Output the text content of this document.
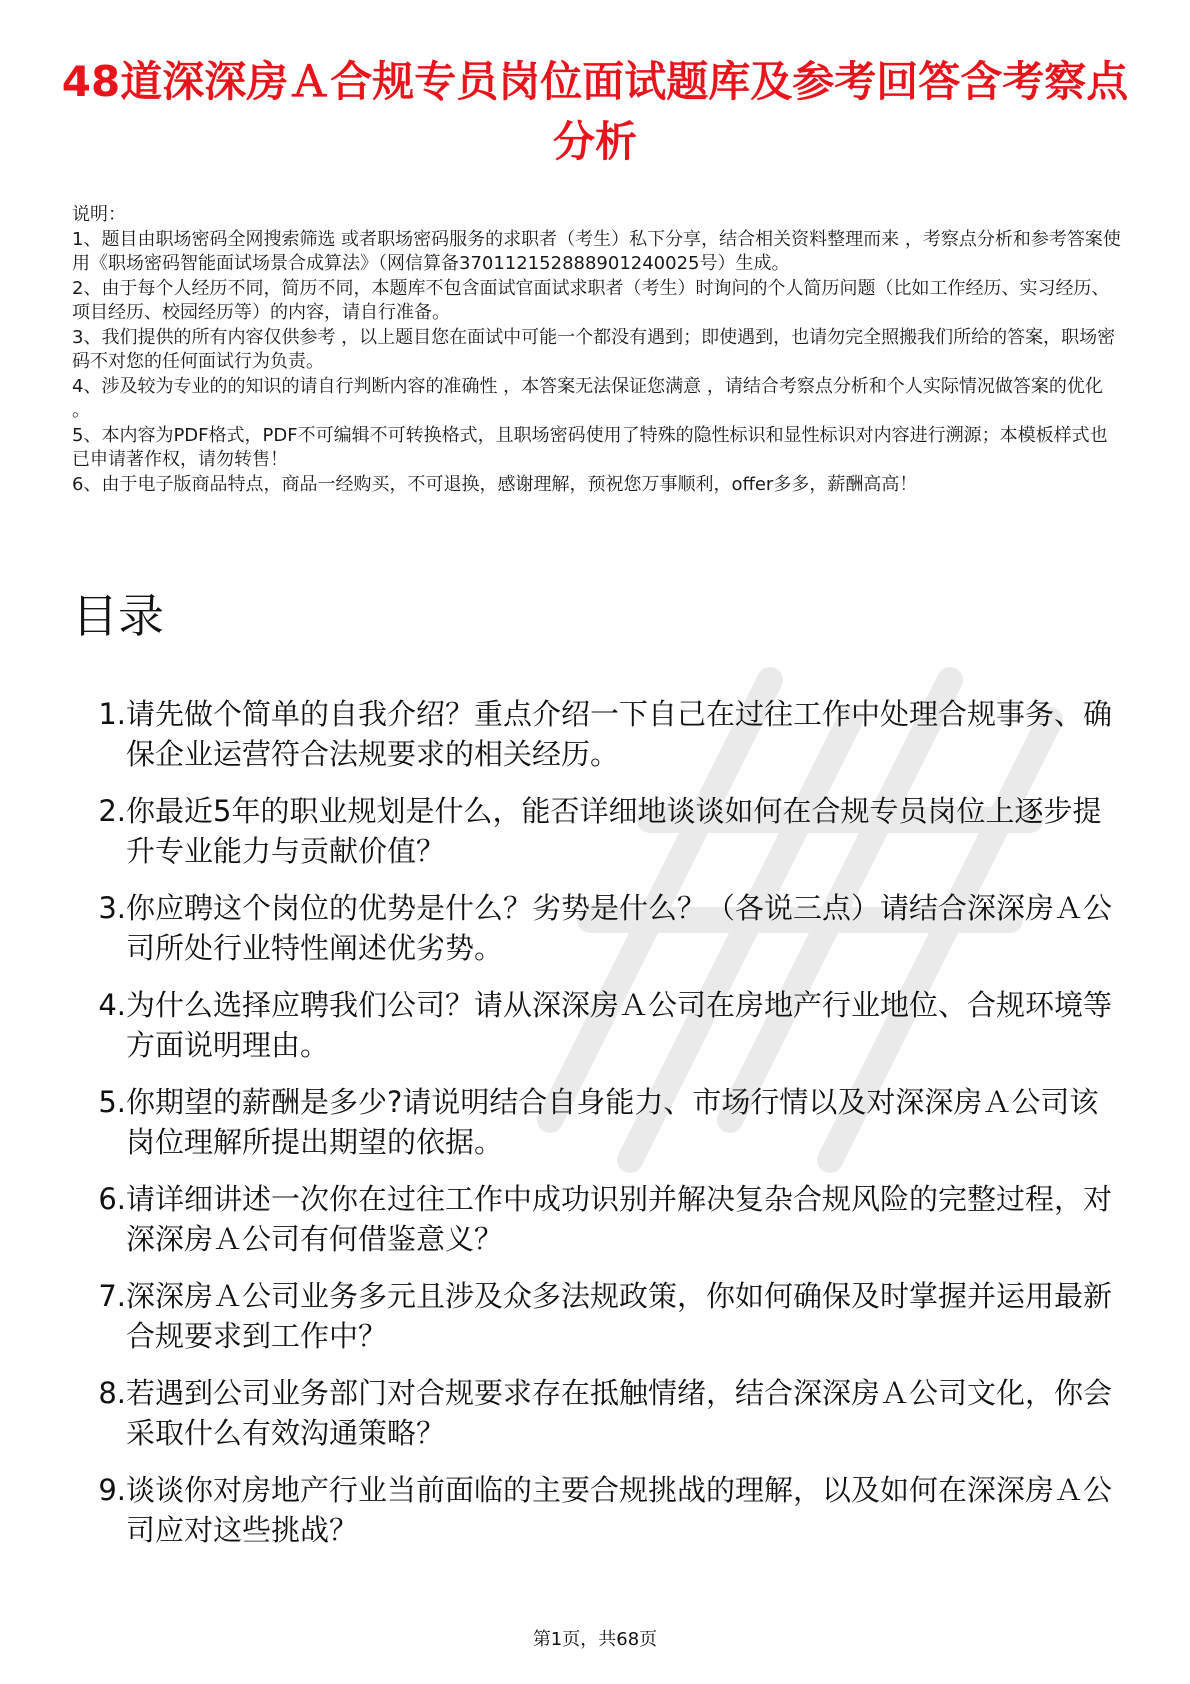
48道深深房Ａ合规专员岗位面试题库及参考回答含考察点分析

说明：

1、题目由职场密码全网搜索筛选 或者职场密码服务的求职者（考生）私下分享，结合相关资料整理而来 ，考察点分析和参考答案使用《职场密码智能面试场景合成算法》（网信算备370112152888901240025号）生成。

2、由于每个人经历不同，简历不同，本题库不包含面试官面试求职者（考生）时询问的个人简历问题（比如工作经历、实习经历、项目经历、校园经历等）的内容，请自行准备。

3、我们提供的所有内容仅供参考 ，以上题目您在面试中可能一个都没有遇到；即使遇到，也请勿完全照搬我们所给的答案，职场密码不对您的任何面试行为负责。

4、涉及较为专业的的知识的请自行判断内容的准确性 ，本答案无法保证您满意 ，请结合考察点分析和个人实际情况做答案的优化 。

5、本内容为PDF格式，PDF不可编辑不可转换格式，且职场密码使用了特殊的隐性标识和显性标识对内容进行溯源；本模板样式也已申请著作权，请勿转售！

6、由于电子版商品特点，商品一经购买，不可退换，感谢理解，预祝您万事顺利，offer多多，薪酬高高！

目录
1. 请先做个简单的自我介绍？重点介绍一下自己在过往工作中处理合规事务、确保企业运营符合法规要求的相关经历。
2. 你最近5年的职业规划是什么，能否详细地谈谈如何在合规专员岗位上逐步提升专业能力与贡献价值？
3. 你应聘这个岗位的优势是什么？劣势是什么？（各说三点）请结合深深房Ａ公司所处行业特性阐述优劣势。
4. 为什么选择应聘我们公司？请从深深房Ａ公司在房地产行业地位、合规环境等方面说明理由。
5. 你期望的薪酬是多少?请说明结合自身能力、市场行情以及对深深房Ａ公司该岗位理解所提出期望的依据。
6. 请详细讲述一次你在过往工作中成功识别并解决复杂合规风险的完整过程，对深深房Ａ公司有何借鉴意义？
7. 深深房Ａ公司业务多元且涉及众多法规政策，你如何确保及时掌握并运用最新合规要求到工作中？
8. 若遇到公司业务部门对合规要求存在抵触情绪，结合深深房Ａ公司文化，你会采取什么有效沟通策略？
9. 谈谈你对房地产行业当前面临的主要合规挑战的理解，以及如何在深深房Ａ公司应对这些挑战？
第1页，共68页
